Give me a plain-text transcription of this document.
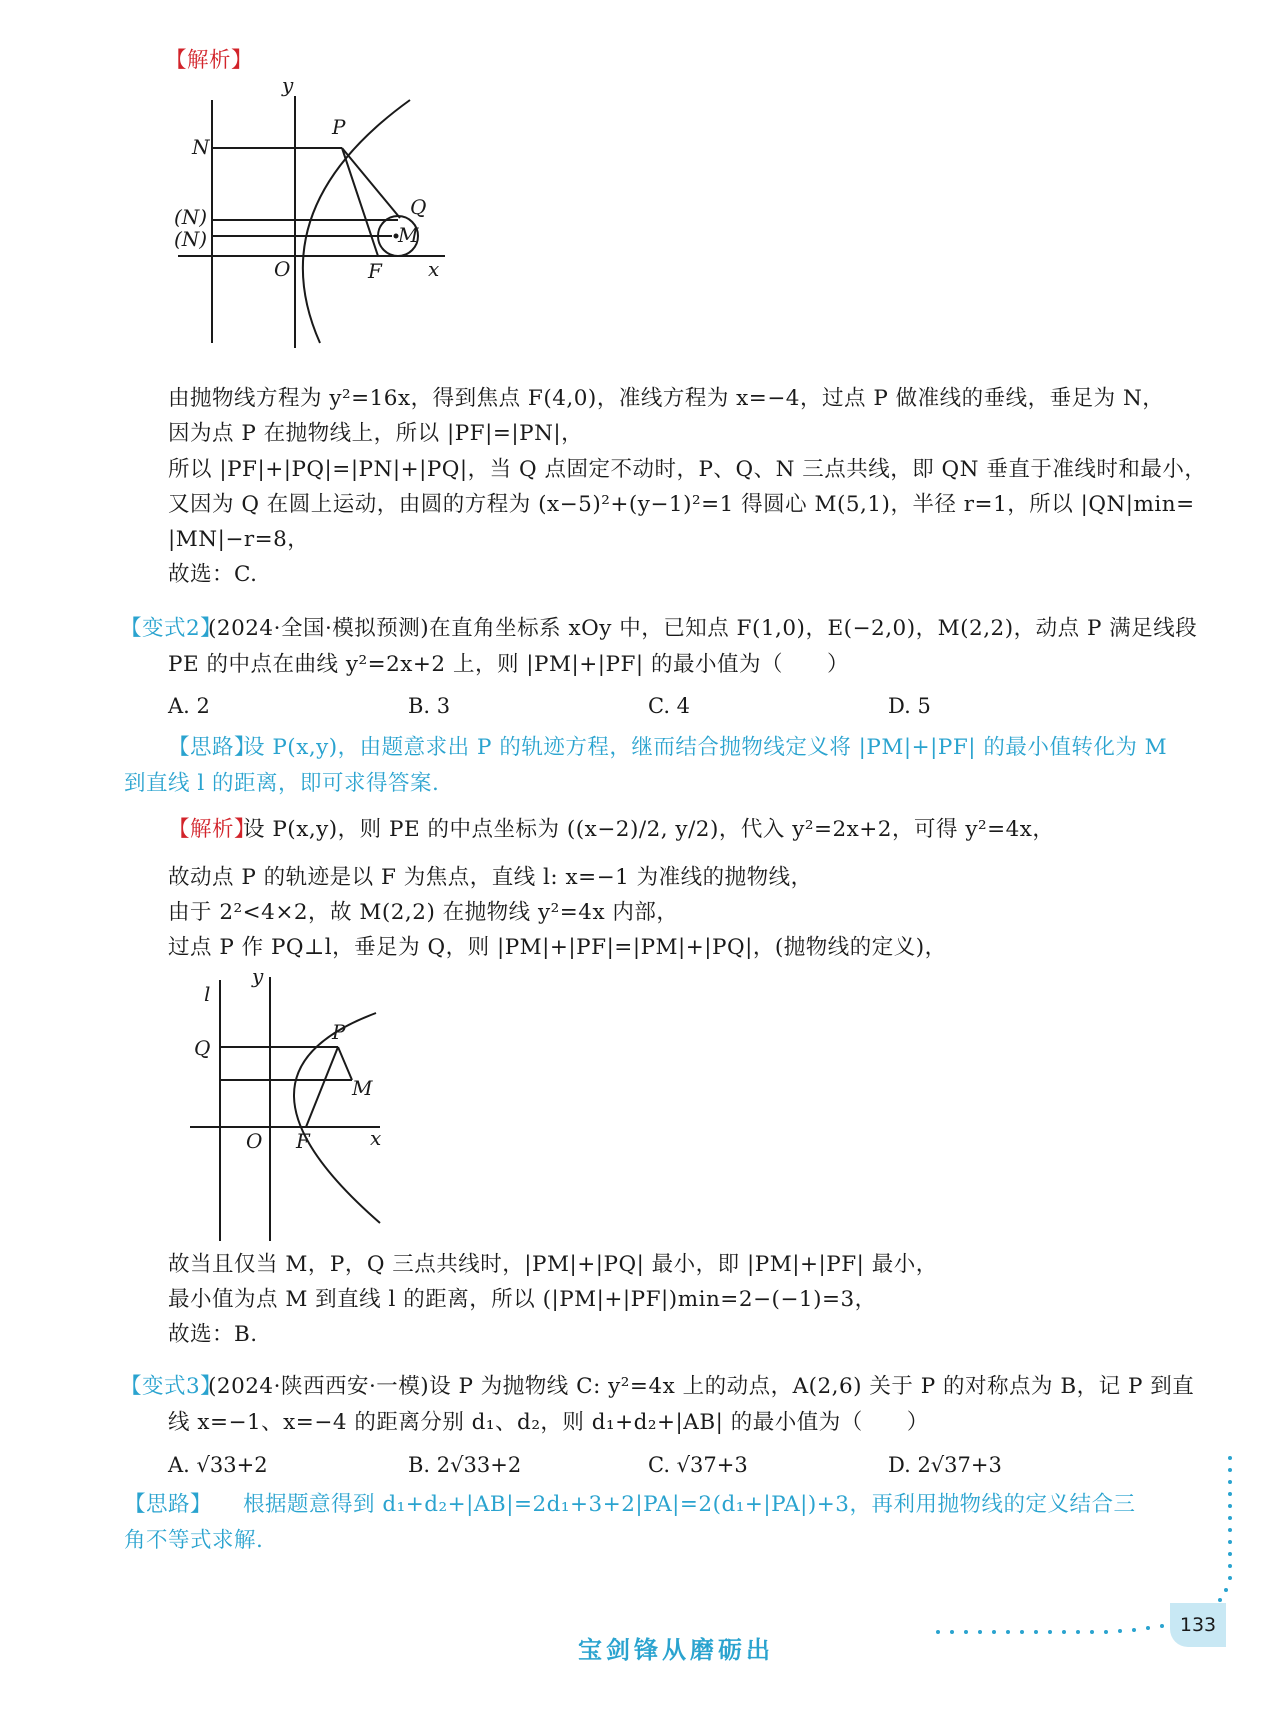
【解析】
y
N
(N)
(N)
P
Q
M
O	F x
由抛物线方程为 y²=16x，得到焦点 F(4,0)，准线方程为 x=−4，过点 P 做准线的垂线，垂足为 N，
因为点 P 在抛物线上，所以 |PF|=|PN|，
所以 |PF|+|PQ|=|PN|+|PQ|，当 Q 点固定不动时，P、Q、N 三点共线，即 QN 垂直于准线时和最小，
又因为 Q 在圆上运动，由圆的方程为 (x−5)²+(y−1)²=1 得圆心 M(5,1)，半径 r=1，所以 |QN|min=
|MN|−r=8，
故选：C.
【变式2】
(2024·全国·模拟预测)在直角坐标系 xOy 中，已知点 F(1,0)，E(−2,0)，M(2,2)，动点 P 满足线段
PE 的中点在曲线 y²=2x+2 上，则 |PM|+|PF| 的最小值为（　　）
A. 2	B. 3	C. 4	D. 5
【思路】
设 P(x,y)，由题意求出 P 的轨迹方程，继而结合抛物线定义将 |PM|+|PF| 的最小值转化为 M
到直线 l 的距离，即可求得答案.
【解析】
设 P(x,y)，则 PE 的中点坐标为 ((x−2)/2, y/2)，代入 y²=2x+2，可得 y²=4x，
故动点 P 的轨迹是以 F 为焦点，直线 l: x=−1 为准线的抛物线，
由于 2²<4×2，故 M(2,2) 在抛物线 y²=4x 内部，
过点 P 作 PQ⊥l，垂足为 Q，则 |PM|+|PF|=|PM|+|PQ|，(抛物线的定义)，
y
l
Q
P
M
O F	x
故当且仅当 M，P，Q 三点共线时，|PM|+|PQ| 最小，即 |PM|+|PF| 最小，
最小值为点 M 到直线 l 的距离，所以 (|PM|+|PF|)min=2−(−1)=3，
故选：B.
【变式3】
(2024·陕西西安·一模)设 P 为抛物线 C: y²=4x 上的动点，A(2,6) 关于 P 的对称点为 B，记 P 到直
线 x=−1、x=−4 的距离分别 d₁、d₂，则 d₁+d₂+|AB| 的最小值为（　　）
A. √33+2	B. 2√33+2	C. √37+3	D. 2√37+3
【思路】 根据题意得到 d₁+d₂+|AB|=2d₁+3+2|PA|=2(d₁+|PA|)+3，再利用抛物线的定义结合三
角不等式求解.
133
宝剑锋从磨砺出
